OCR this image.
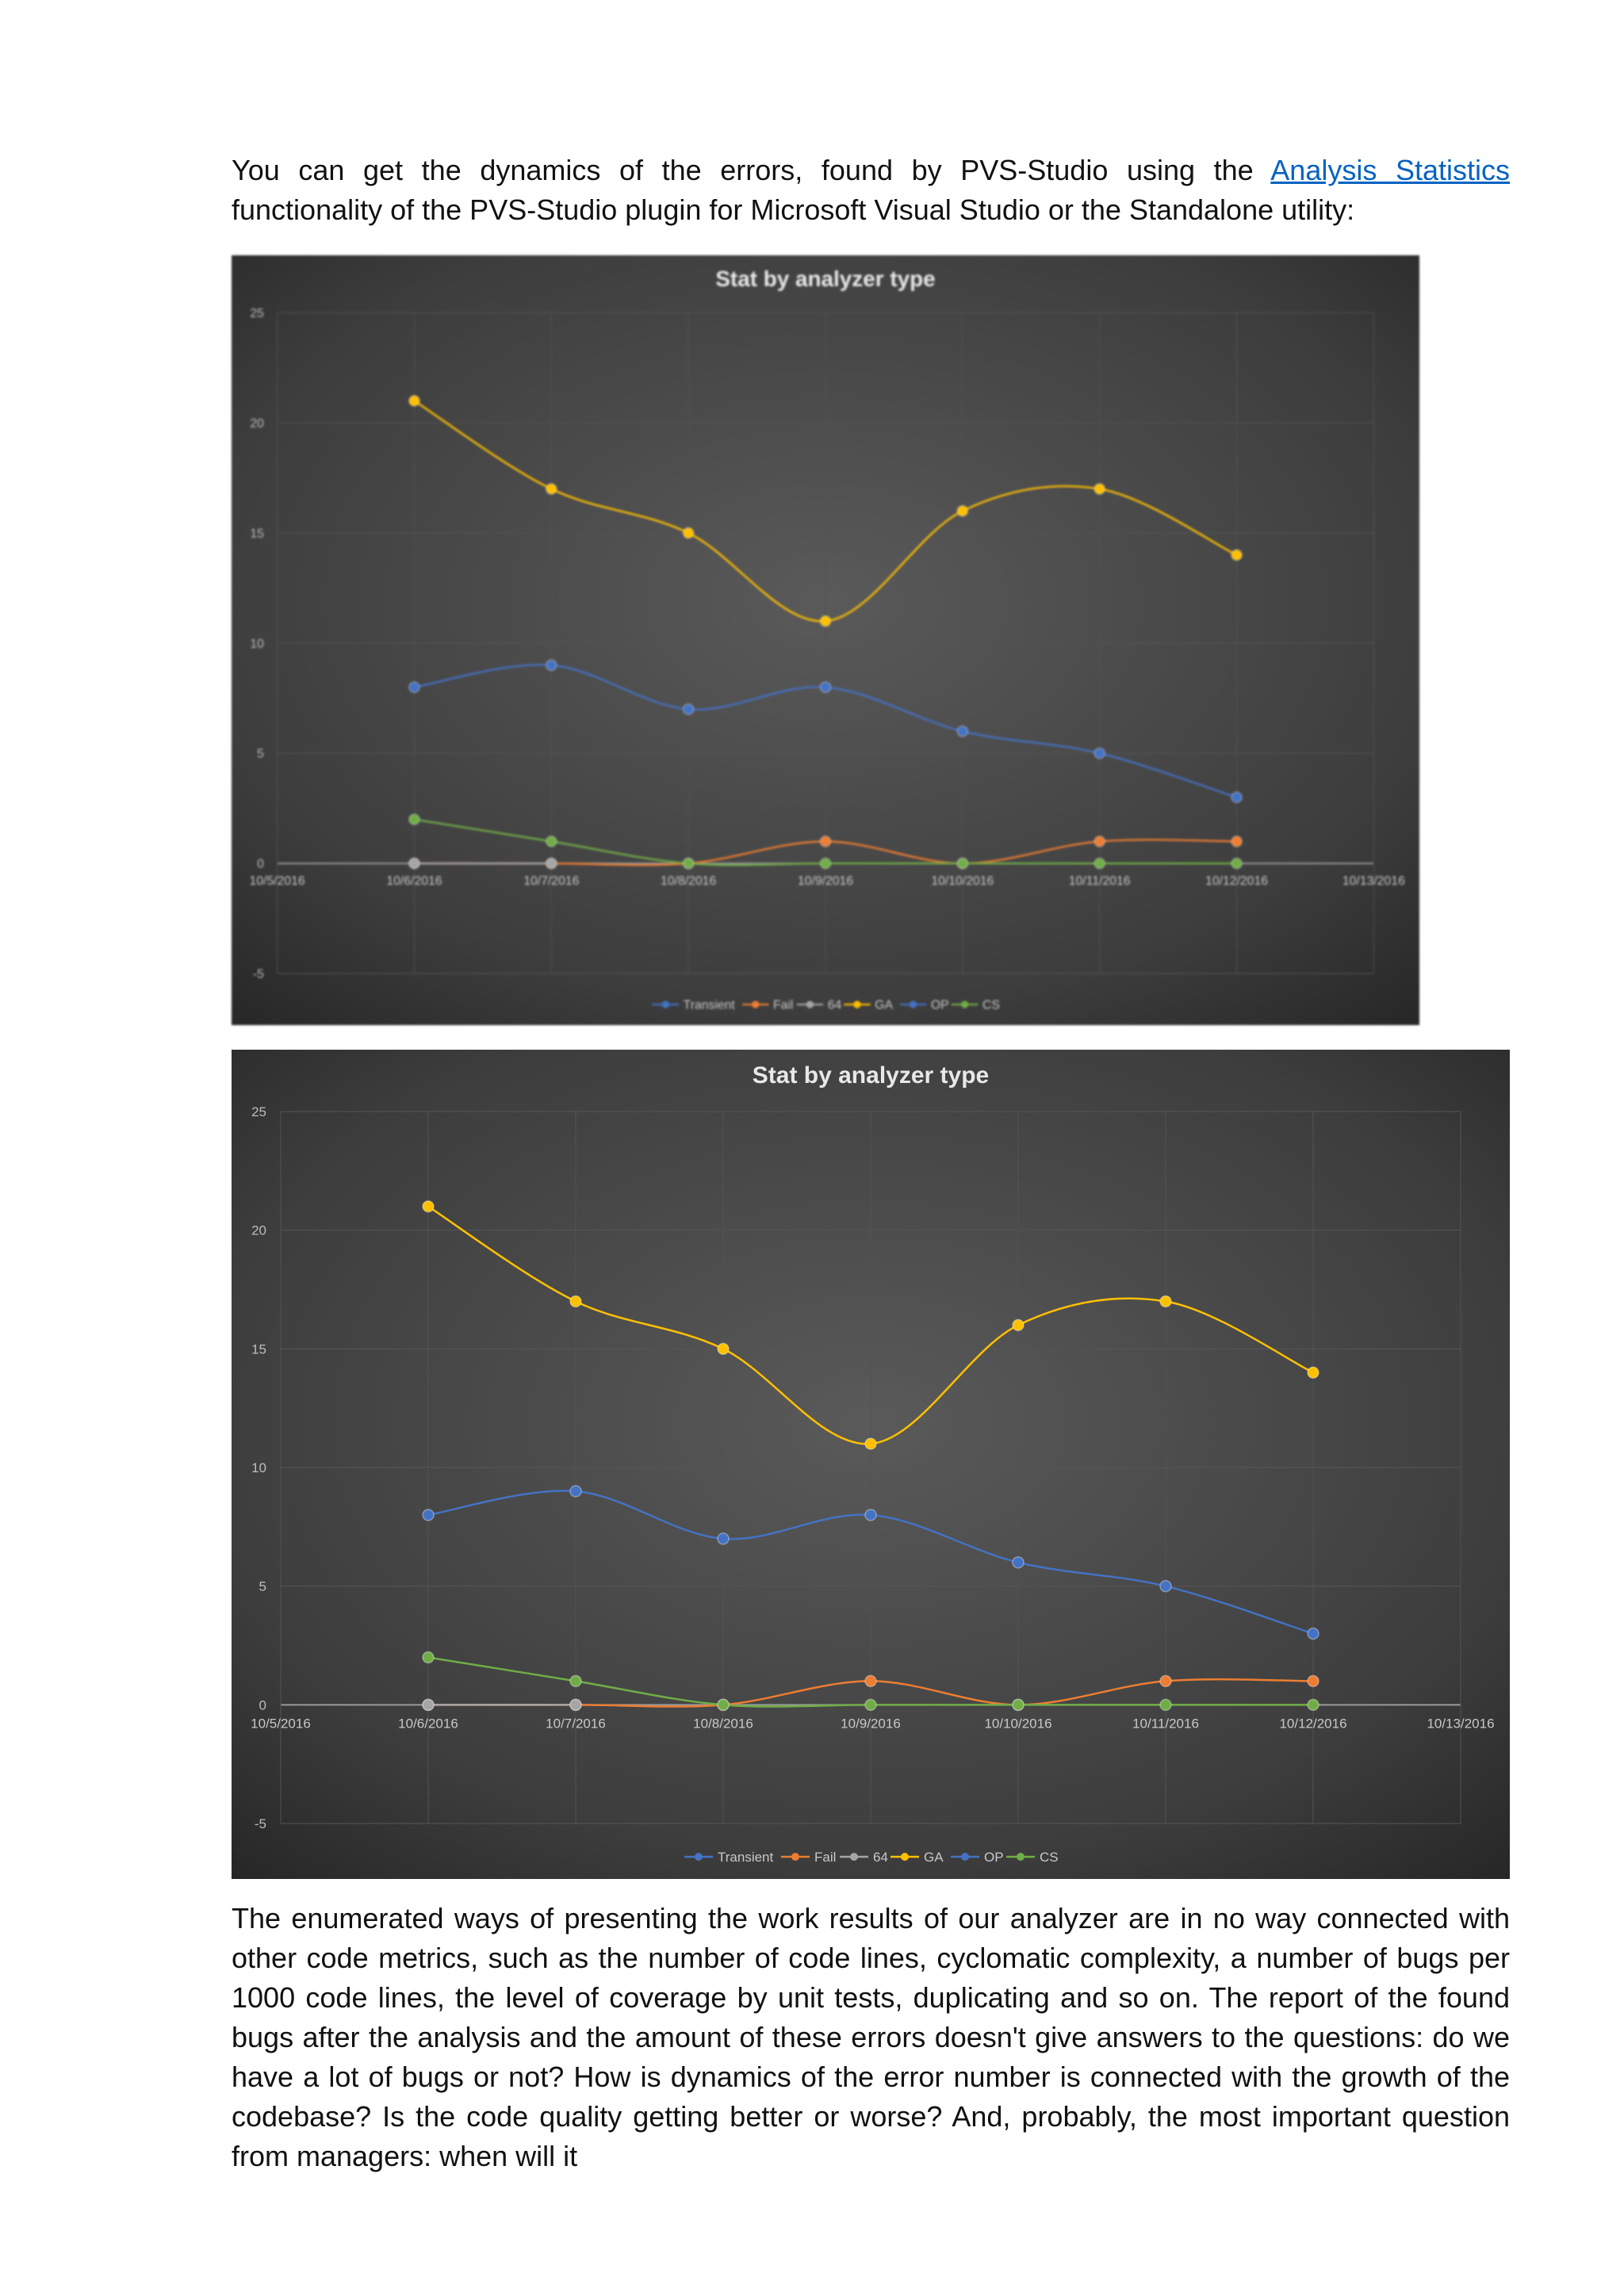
You can get the dynamics of the errors, found by PVS-Studio using the Analysis Statistics functionality of the PVS-Studio plugin for Microsoft Visual Studio or the Standalone utility:

Stat by analyzer type
25
20
15
10
5
0
-5
10/5/2016	10/6/2016	10/7/2016	10/8/2016	10/9/2016	10/10/2016	10/11/2016	10/12/2016	10/13/2016
Transient	Fail	64 GA	OP CS
Stat by analyzer type
25
20
15
10
5
0
-5
10/5/2016	10/6/2016	10/7/2016	10/8/2016	10/9/2016	10/10/2016	10/11/2016	10/12/2016	10/13/2016
Transient	Fail	64	GA	OP	CS

The enumerated ways of presenting the work results of our analyzer are in no way connected with other code metrics, such as the number of code lines, cyclomatic complexity, a number of bugs per 1000 code lines, the level of coverage by unit tests, duplicating and so on. The report of the found bugs after the analysis and the amount of these errors doesn't give answers to the questions: do we have a lot of bugs or not? How is dynamics of the error number is connected with the growth of the codebase? Is the code quality getting better or worse? And, probably, the most important question from managers: when will it
